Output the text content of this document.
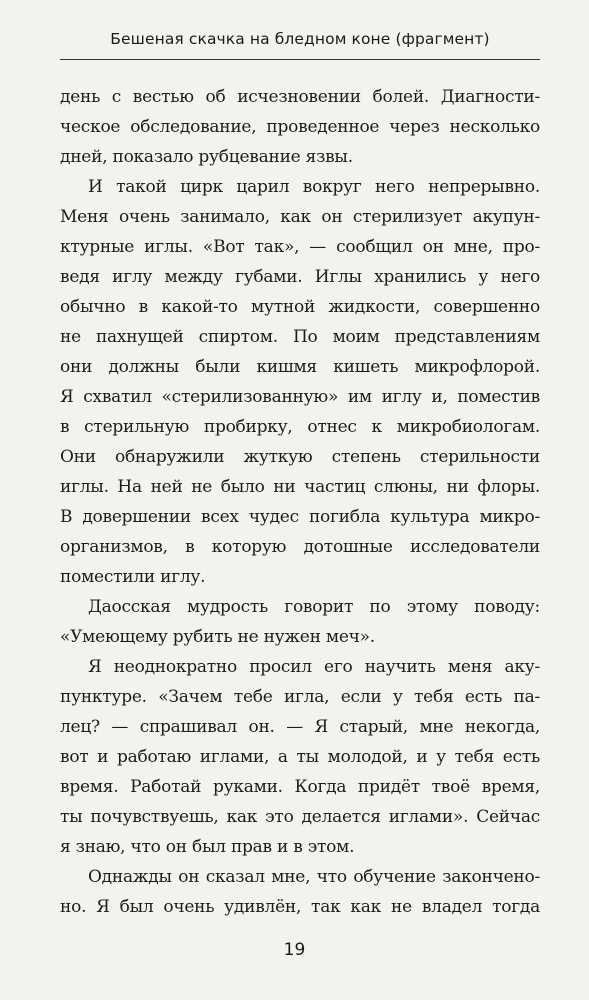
Бешеная скачка на бледном коне (фрагмент)
день с вестью об исчезновении болей. Диагности-
ческое обследование, проведенное через несколько
дней, показало рубцевание язвы.
И такой цирк царил вокруг него непрерывно.
Меня очень занимало, как он стерилизует акупун-
ктурные иглы. «Вот так», — сообщил он мне, про-
ведя иглу между губами. Иглы хранились у него
обычно в какой-то мутной жидкости, совершенно
не пахнущей спиртом. По моим представлениям
они должны были кишмя кишеть микрофлорой.
Я схватил «стерилизованную» им иглу и, поместив
в стерильную пробирку, отнес к микробиологам.
Они обнаружили жуткую степень стерильности
иглы. На ней не было ни частиц слюны, ни флоры.
В довершении всех чудес погибла культура микро-
организмов, в которую дотошные исследователи
поместили иглу.
Даосская мудрость говорит по этому поводу:
«Умеющему рубить не нужен меч».
Я неоднократно просил его научить меня аку-
пунктуре. «Зачем тебе игла, если у тебя есть па-
лец? — спрашивал он. — Я старый, мне некогда,
вот и работаю иглами, а ты молодой, и у тебя есть
время. Работай руками. Когда придёт твоё время,
ты почувствуешь, как это делается иглами». Сейчас
я знаю, что он был прав и в этом.
Однажды он сказал мне, что обучение закончено-
но. Я был очень удивлён, так как не владел тогда
19
